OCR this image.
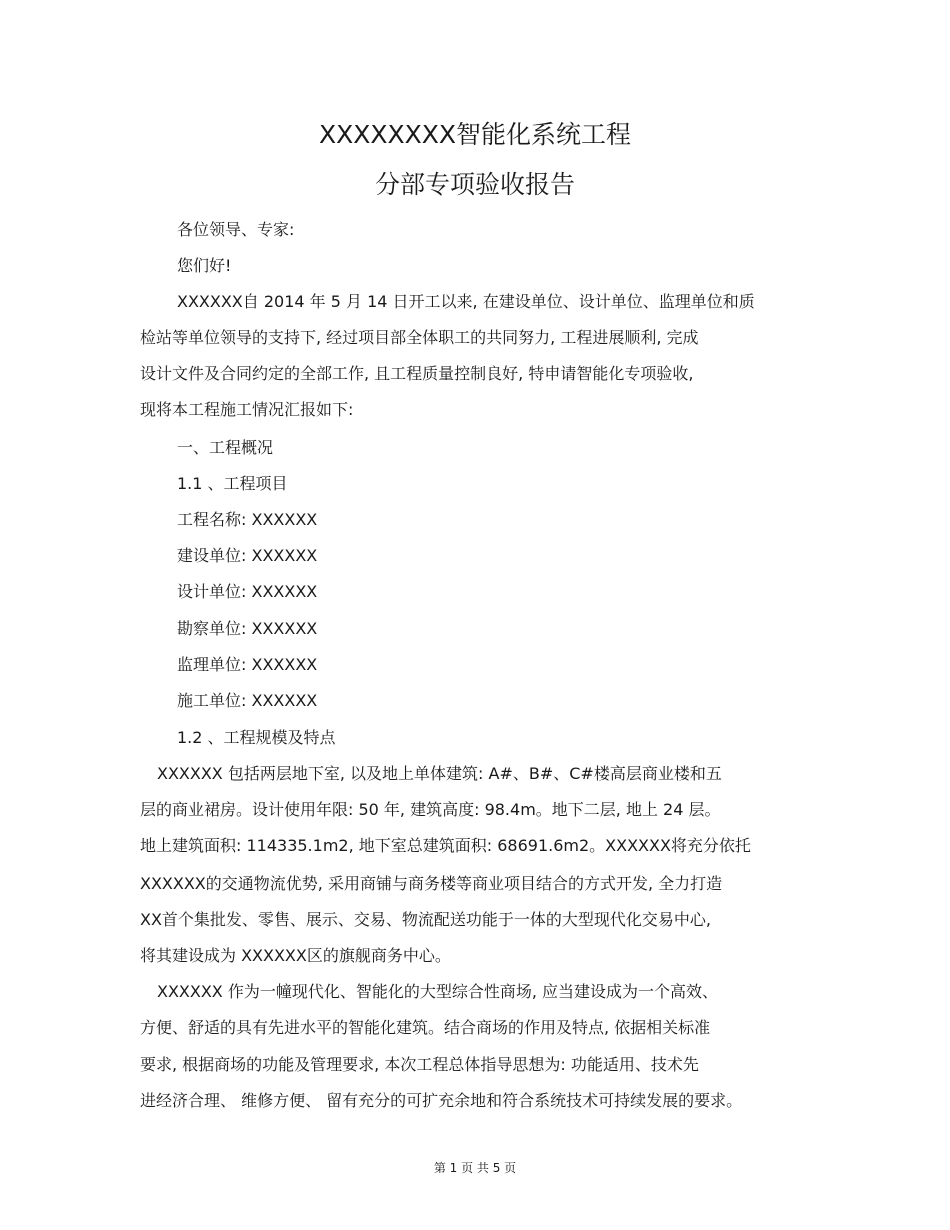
XXXXXXXX智能化系统工程
分部专项验收报告
各位领导、专家:
您们好!
XXXXXX自 2014 年 5 月 14 日开工以来, 在建设单位、设计单位、监理单位和质
检站等单位领导的支持下, 经过项目部全体职工的共同努力, 工程进展顺利, 完成
设计文件及合同约定的全部工作, 且工程质量控制良好, 特申请智能化专项验收,
现将本工程施工情况汇报如下:
一、工程概况
1.1 、工程项目
工程名称: XXXXXX
建设单位: XXXXXX
设计单位: XXXXXX
勘察单位: XXXXXX
监理单位: XXXXXX
施工单位: XXXXXX
1.2 、工程规模及特点
XXXXXX 包括两层地下室, 以及地上单体建筑: A#、B#、C#楼高层商业楼和五
层的商业裙房。设计使用年限: 50 年, 建筑高度: 98.4m。地下二层, 地上 24 层。
地上建筑面积: 114335.1m2, 地下室总建筑面积: 68691.6m2。XXXXXX将充分依托
XXXXXX的交通物流优势, 采用商铺与商务楼等商业项目结合的方式开发, 全力打造
XX首个集批发、零售、展示、交易、物流配送功能于一体的大型现代化交易中心,
将其建设成为 XXXXXX区的旗舰商务中心。
XXXXXX 作为一幢现代化、智能化的大型综合性商场, 应当建设成为一个高效、
方便、舒适的具有先进水平的智能化建筑。结合商场的作用及特点, 依据相关标准
要求, 根据商场的功能及管理要求, 本次工程总体指导思想为: 功能适用、技术先
进经济合理、 维修方便、 留有充分的可扩充余地和符合系统技术可持续发展的要求。
第 1 页 共 5 页
